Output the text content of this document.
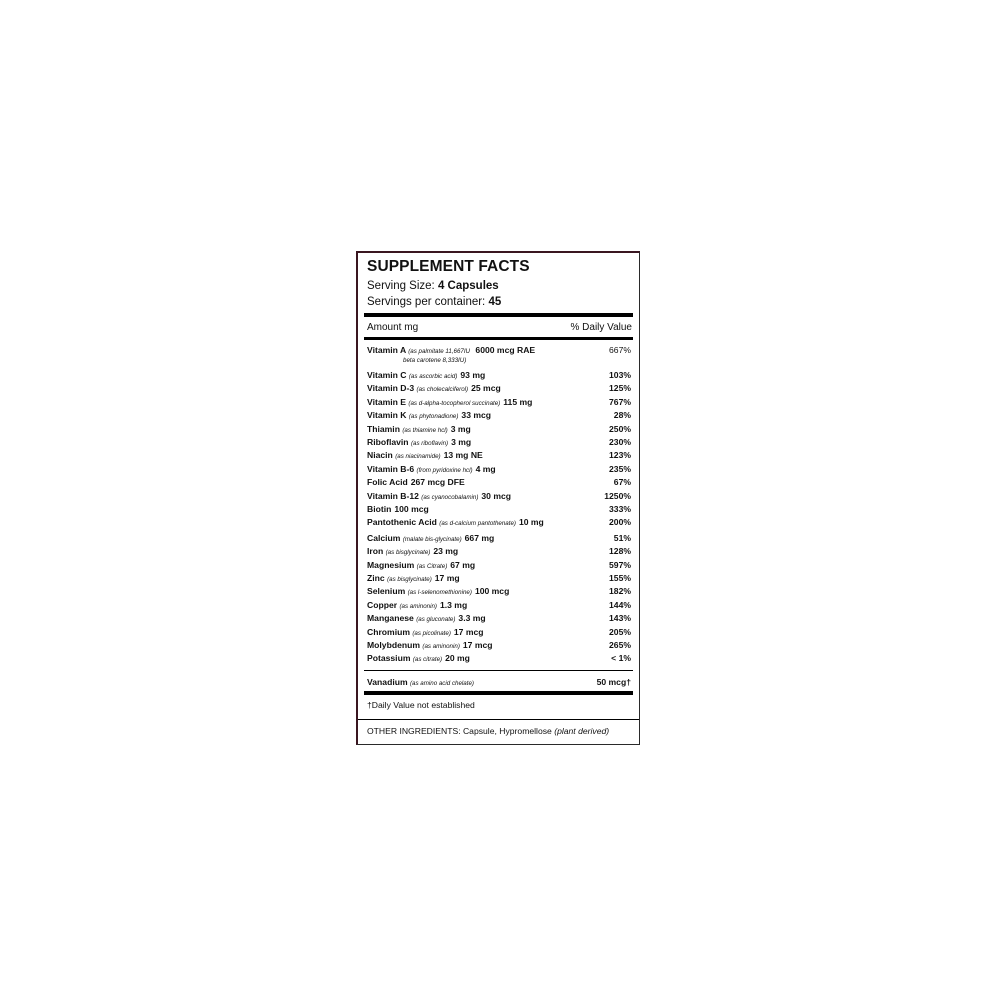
SUPPLEMENT FACTS
Serving Size: 4 Capsules
Servings per container: 45
Amount mg	% Daily Value
Vitamin A (as palmitate 11,667IU 6000 mcg RAE	667%
beta carotene 8,333IU)
Vitamin C (as ascorbic acid) 93 mg	103%
Vitamin D-3 (as cholecalciferol) 25 mcg	125%
Vitamin E (as d-alpha-tocopherol succinate) 115 mg	767%
Vitamin K (as phytonadione) 33 mcg	28%
Thiamin (as thiamine hcl) 3 mg	250%
Riboflavin (as riboflavin) 3 mg	230%
Niacin (as niacinamide) 13 mg NE	123%
Vitamin B-6 (from pyridoxine hcl) 4 mg	235%
Folic Acid 267 mcg DFE	67%
Vitamin B-12 (as cyanocobalamin) 30 mcg	1250%
Biotin 100 mcg	333%
Pantothenic Acid (as d-calcium pantothenate) 10 mg	200%
Calcium (malate bis-glycinate) 667 mg	51%
Iron (as bisglycinate) 23 mg	128%
Magnesium (as Citrate) 67 mg	597%
Zinc (as bisglycinate) 17 mg	155%
Selenium (as l-selenomethionine) 100 mcg	182%
Copper (as aminonin) 1.3 mg	144%
Manganese (as gluconate) 3.3 mg	143%
Chromium (as picolinate) 17 mcg	205%
Molybdenum (as aminonin) 17 mcg	265%
Potassium (as citrate) 20 mg	< 1%
Vanadium (as amino acid chelate)	50 mcg†
†Daily Value not established
OTHER INGREDIENTS: Capsule, Hypromellose (plant derived)
